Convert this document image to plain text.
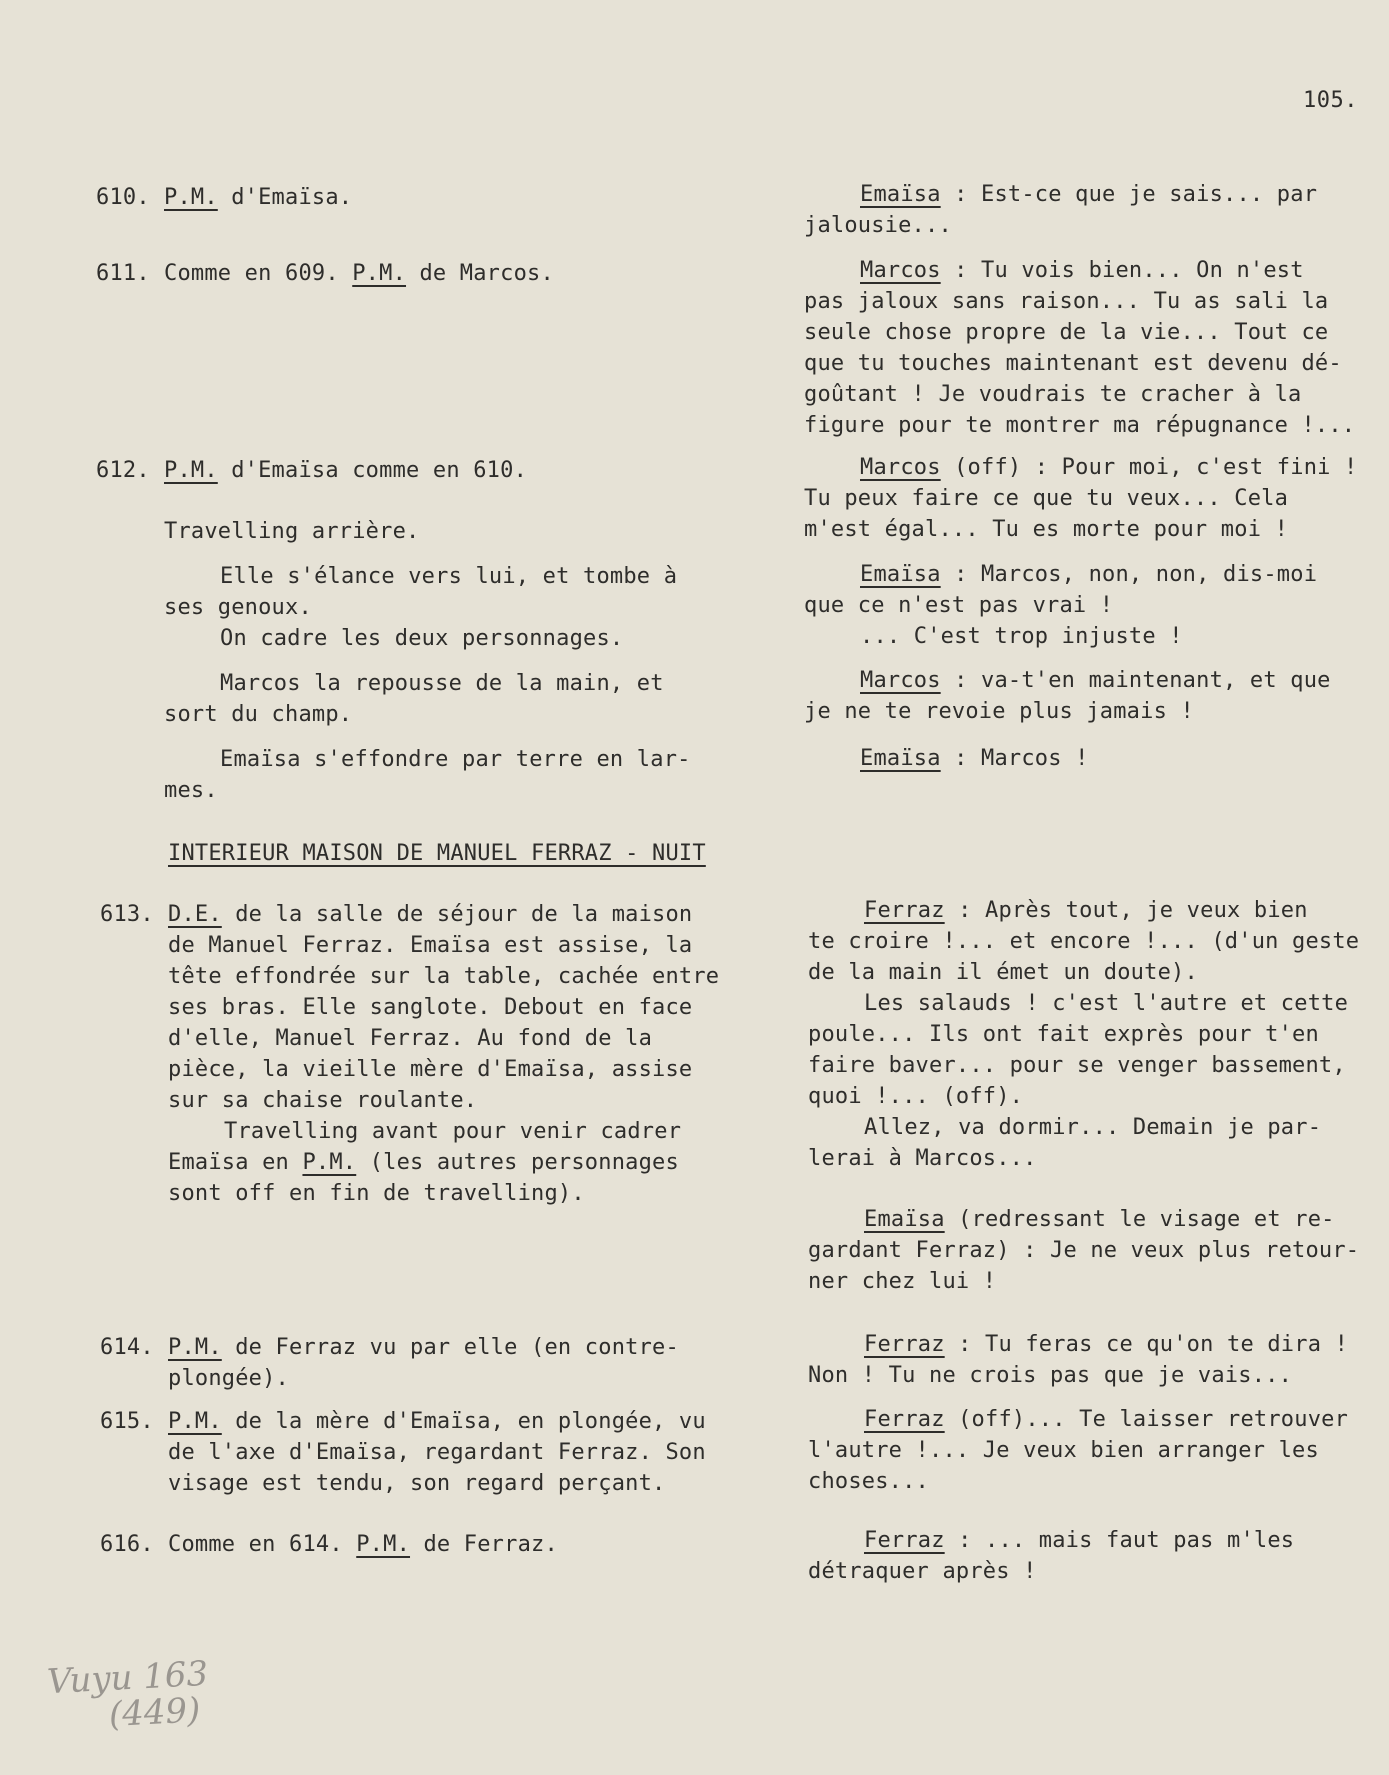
105.

610. P.M. d'Emaïsa.

611. Comme en 609. P.M. de Marcos.

612. P.M. d'Emaïsa comme en 610.

Travelling arrière.

Elle s'élance vers lui, et tombe à

ses genoux.

On cadre les deux personnages.

Marcos la repousse de la main, et

sort du champ.

Emaïsa s'effondre par terre en lar-

mes.

INTERIEUR MAISON DE MANUEL FERRAZ - NUIT

613. D.E. de la salle de séjour de la maison

de Manuel Ferraz. Emaïsa est assise, la

tête effondrée sur la table, cachée entre

ses bras. Elle sanglote. Debout en face

d'elle, Manuel Ferraz. Au fond de la

pièce, la vieille mère d'Emaïsa, assise

sur sa chaise roulante.

Travelling avant pour venir cadrer

Emaïsa en P.M. (les autres personnages

sont off en fin de travelling).

614. P.M. de Ferraz vu par elle (en contre-

plongée).

615. P.M. de la mère d'Emaïsa, en plongée, vu

de l'axe d'Emaïsa, regardant Ferraz. Son

visage est tendu, son regard perçant.

616. Comme en 614. P.M. de Ferraz.

Emaïsa : Est-ce que je sais... par

jalousie...

Marcos : Tu vois bien... On n'est

pas jaloux sans raison... Tu as sali la

seule chose propre de la vie... Tout ce

que tu touches maintenant est devenu dé-

goûtant ! Je voudrais te cracher à la

figure pour te montrer ma répugnance !...

Marcos (off) : Pour moi, c'est fini !

Tu peux faire ce que tu veux... Cela

m'est égal... Tu es morte pour moi !

Emaïsa : Marcos, non, non, dis-moi

que ce n'est pas vrai !

... C'est trop injuste !

Marcos : va-t'en maintenant, et que

je ne te revoie plus jamais !

Emaïsa : Marcos !

Ferraz : Après tout, je veux bien

te croire !... et encore !... (d'un geste

de la main il émet un doute).

Les salauds ! c'est l'autre et cette

poule... Ils ont fait exprès pour t'en

faire baver... pour se venger bassement,

quoi !... (off).

Allez, va dormir... Demain je par-

lerai à Marcos...

Emaïsa (redressant le visage et re-

gardant Ferraz) : Je ne veux plus retour-

ner chez lui !

Ferraz : Tu feras ce qu'on te dira !

Non ! Tu ne crois pas que je vais...

Ferraz (off)... Te laisser retrouver

l'autre !... Je veux bien arranger les

choses...

Ferraz : ... mais faut pas m'les

détraquer après !

Vuyu 163
(449)
